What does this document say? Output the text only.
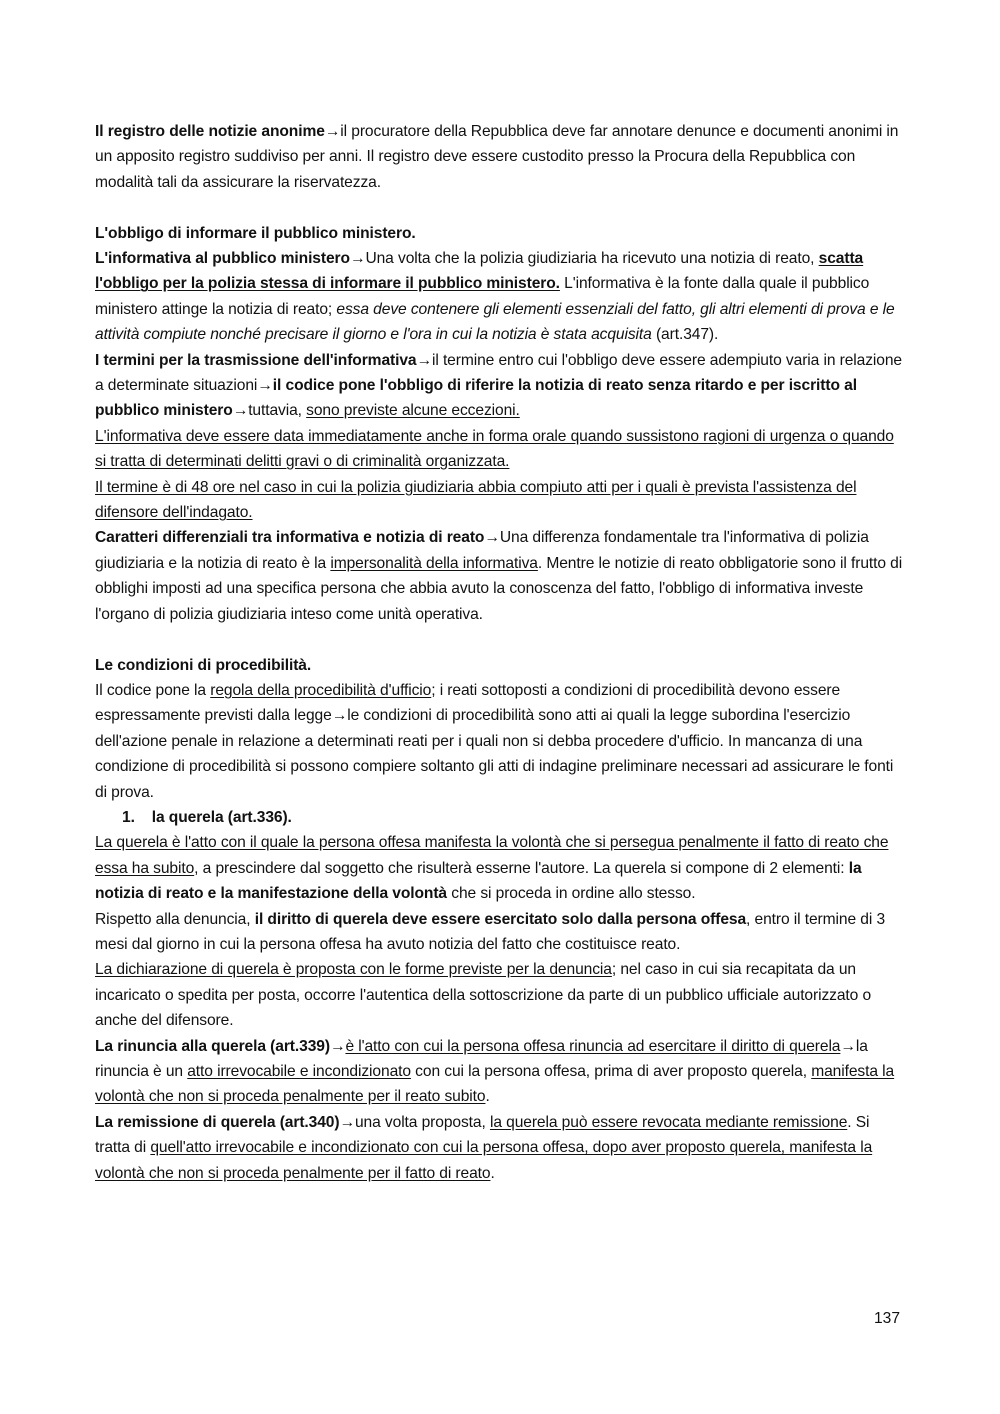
Il registro delle notizie anonime→il procuratore della Repubblica deve far annotare denunce e documenti anonimi in un apposito registro suddiviso per anni. Il registro deve essere custodito presso la Procura della Repubblica con modalità tali da assicurare la riservatezza.

L'obbligo di informare il pubblico ministero.

L'informativa al pubblico ministero→Una volta che la polizia giudiziaria ha ricevuto una notizia di reato, scatta l'obbligo per la polizia stessa di informare il pubblico ministero. L'informativa è la fonte dalla quale il pubblico ministero attinge la notizia di reato; essa deve contenere gli elementi essenziali del fatto, gli altri elementi di prova e le attività compiute nonché precisare il giorno e l'ora in cui la notizia è stata acquisita (art.347).

I termini per la trasmissione dell'informativa→il termine entro cui l'obbligo deve essere adempiuto varia in relazione a determinate situazioni→il codice pone l'obbligo di riferire la notizia di reato senza ritardo e per iscritto al pubblico ministero→tuttavia, sono previste alcune eccezioni.

L'informativa deve essere data immediatamente anche in forma orale quando sussistono ragioni di urgenza o quando si tratta di determinati delitti gravi o di criminalità organizzata.

Il termine è di 48 ore nel caso in cui la polizia giudiziaria abbia compiuto atti per i quali è prevista l'assistenza del difensore dell'indagato.

Caratteri differenziali tra informativa e notizia di reato→Una differenza fondamentale tra l'informativa di polizia giudiziaria e la notizia di reato è la impersonalità della informativa. Mentre le notizie di reato obbligatorie sono il frutto di obblighi imposti ad una specifica persona che abbia avuto la conoscenza del fatto, l'obbligo di informativa investe l'organo di polizia giudiziaria inteso come unità operativa.

Le condizioni di procedibilità.

Il codice pone la regola della procedibilità d'ufficio; i reati sottoposti a condizioni di procedibilità devono essere espressamente previsti dalla legge→le condizioni di procedibilità sono atti ai quali la legge subordina l'esercizio dell'azione penale in relazione a determinati reati per i quali non si debba procedere d'ufficio. In mancanza di una condizione di procedibilità si possono compiere soltanto gli atti di indagine preliminare necessari ad assicurare le fonti di prova.

1. la querela (art.336).

La querela è l'atto con il quale la persona offesa manifesta la volontà che si persegua penalmente il fatto di reato che essa ha subito, a prescindere dal soggetto che risulterà esserne l'autore. La querela si compone di 2 elementi: la notizia di reato e la manifestazione della volontà che si proceda in ordine allo stesso.

Rispetto alla denuncia, il diritto di querela deve essere esercitato solo dalla persona offesa, entro il termine di 3 mesi dal giorno in cui la persona offesa ha avuto notizia del fatto che costituisce reato.

La dichiarazione di querela è proposta con le forme previste per la denuncia; nel caso in cui sia recapitata da un incaricato o spedita per posta, occorre l'autentica della sottoscrizione da parte di un pubblico ufficiale autorizzato o anche del difensore.

La rinuncia alla querela (art.339)→è l'atto con cui la persona offesa rinuncia ad esercitare il diritto di querela→la rinuncia è un atto irrevocabile e incondizionato con cui la persona offesa, prima di aver proposto querela, manifesta la volontà che non si proceda penalmente per il reato subito.

La remissione di querela (art.340)→una volta proposta, la querela può essere revocata mediante remissione. Si tratta di quell'atto irrevocabile e incondizionato con cui la persona offesa, dopo aver proposto querela, manifesta la volontà che non si proceda penalmente per il fatto di reato.

137
